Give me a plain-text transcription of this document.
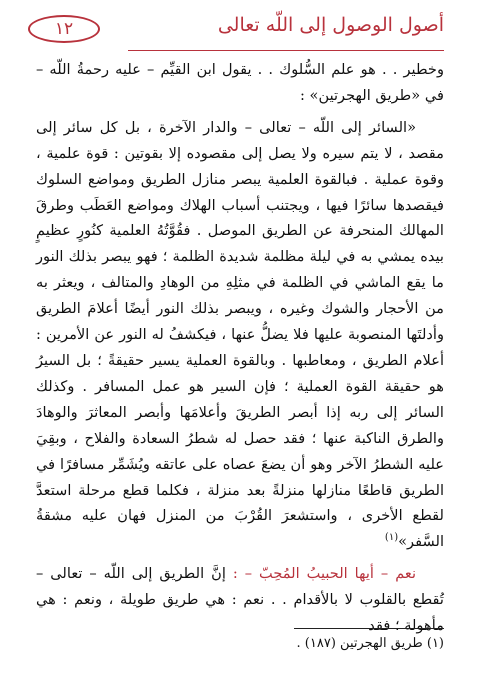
أصول الوصول إلى اللّه تعالى
١٢

وخطير . . هو علم السُّلوك . . يقول ابن القيِّم – عليه رحمةُ اللّه – في «طريق الهجرتين» :

«السائر إلى اللّه – تعالى – والدار الآخرة ، بل كل سائر إلى مقصد ، لا يتم سيره ولا يصل إلى مقصوده إلا بقوتين : قوة علمية ، وقوة عملية . فبالقوة العلمية يبصر منازل الطريق ومواضع السلوك فيقصدها سائرًا فيها ، ويجتنب أسباب الهلاك ومواضع العَطَب وطرقَ المهالك المنحرفة عن الطريق الموصل . فقُوَّتُهُ العلمية كنُورٍ عظيمٍ بيده يمشي به في ليلة مظلمة شديدة الظلمة ؛ فهو يبصر بذلك النور ما يقع الماشي في الظلمة في مثلِهِ من الوهادِ والمتالف ، ويعثر به من الأحجار والشوك وغيره ، ويبصر بذلك النور أيضًا أعلامَ الطريق وأدلتَها المنصوبة عليها فلا يضلُّ عنها ، فيكشفُ له النور عن الأمرين : أعلام الطريق ، ومعاطبها . وبالقوة العملية يسير حقيقةً ؛ بل السيرُ هو حقيقة القوة العملية ؛ فإن السير هو عمل المسافر . وكذلك السائر إلى ربه إذا أبصر الطريقَ وأعلامَها وأبصر المعاثرَ والوهادَ والطرق الناكبة عنها ؛ فقد حصل له شطرُ السعادة والفلاح ، وبقِيَ عليه الشطرُ الآخر وهو أن يضعَ عصاه على عاتقه ويُشَمِّر مسافرًا في الطريق قاطعًا منازلها منزلةً بعد منزلة ، فكلما قطع مرحلة استعدَّ لقطع الأخرى ، واستشعرَ القُرْبَ من المنزل فهان عليه مشقةُ السَّفر»$^{(١)}$

نعم – أيها الحبيبُ المُحِبّ – : إنَّ الطريق إلى اللّه – تعالى – تُقطع بالقلوب لا بالأقدام . . نعم : هي طريق طويلة ، ونعم : هي مأهولة ؛ فقد

(١) طريق الهجرتين (١٨٧) .
